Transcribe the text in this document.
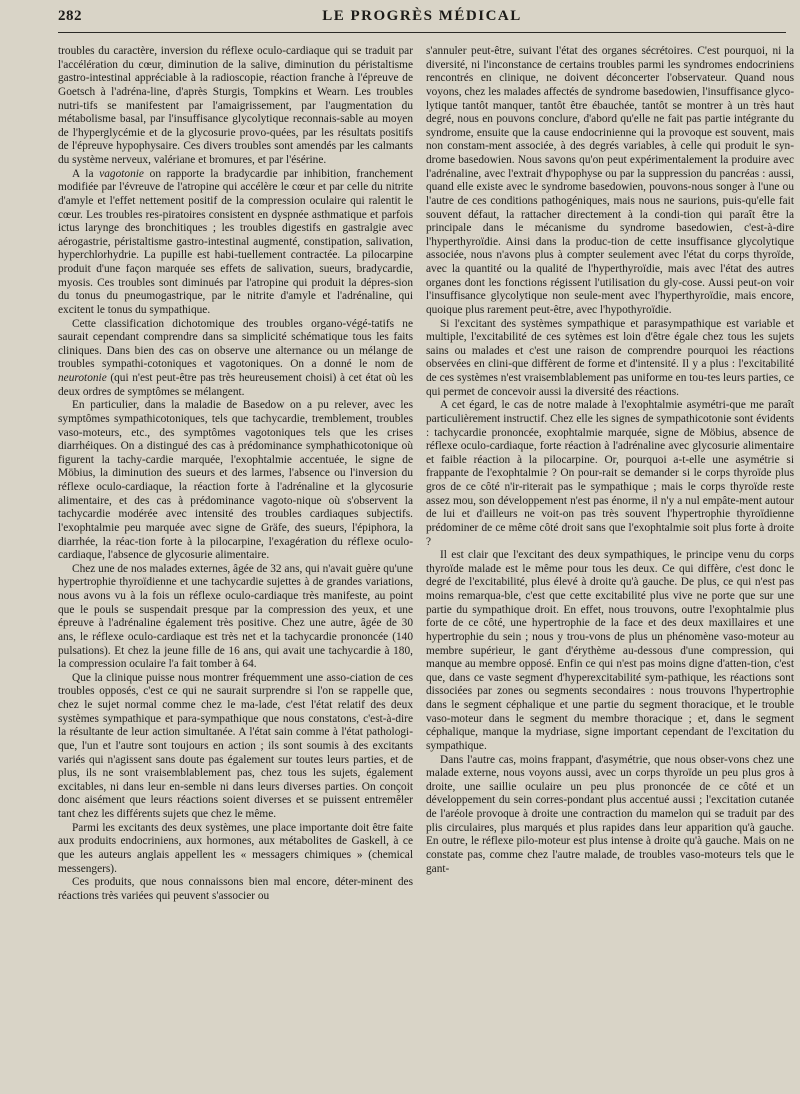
282	LE PROGRÈS MÉDICAL

troubles du caractère, inversion du réflexe oculo-cardiaque qui se traduit par l'accélération du cœur, diminution de la salive, diminution du péristaltisme gastro-intestinal appréciable à la radioscopie, réaction franche à l'épreuve de Goetsch à l'adréna-line, d'après Sturgis, Tompkins et Wearn. Les troubles nutri-tifs se manifestent par l'amaigrissement, par l'augmentation du métabolisme basal, par l'insuffisance glycolytique reconnais-sable au moyen de l'hyperglycémie et de la glycosurie provo-quées, par les résultats positifs de l'épreuve hypophysaire. Ces divers troubles sont amendés par les calmants du système nerveux, valériane et bromures, et par l'ésérine.

A la vagotonie on rapporte la bradycardie par inhibition, franchement modifiée par l'évreuve de l'atropine qui accélère le cœur et par celle du nitrite d'amyle et l'effet nettement positif de la compression oculaire qui ralentit le cœur. Les troubles res-piratoires consistent en dyspnée asthmatique et parfois ictus larynge des bronchitiques ; les troubles digestifs en gastralgie avec aérogastrie, péristaltisme gastro-intestinal augmenté, constipation, salivation, hyperchlorhydrie. La pupille est habi-tuellement contractée. La pilocarpine produit d'une façon marquée ses effets de salivation, sueurs, bradycardie, myosis. Ces troubles sont diminués par l'atropine qui produit la dépres-sion du tonus du pneumogastrique, par le nitrite d'amyle et l'adrénaline, qui excitent le tonus du sympathique.

Cette classification dichotomique des troubles organo-végé-tatifs ne saurait cependant comprendre dans sa simplicité schématique tous les faits cliniques. Dans bien des cas on observe une alternance ou un mélange de troubles sympathi-cotoniques et vagotoniques. On a donné le nom de neurotonie (qui n'est peut-être pas très heureusement choisi) à cet état où les deux ordres de symptômes se mélangent.

En particulier, dans la maladie de Basedow on a pu relever, avec les symptômes sympathicotoniques, tels que tachycardie, tremblement, troubles vaso-moteurs, etc., des symptômes vagotoniques tels que les crises diarrhéiques. On a distingué des cas à prédominance symphathicotonique où figurent la tachy-cardie marquée, l'exophtalmie accentuée, le signe de Möbius, la diminution des sueurs et des larmes, l'absence ou l'inversion du réflexe oculo-cardiaque, la réaction forte à l'adrénaline et la glycosurie alimentaire, et des cas à prédominance vagoto-nique où s'observent la tachycardie modérée avec intensité des troubles cardiaques subjectifs. l'exophtalmie peu marquée avec signe de Gräfe, des sueurs, l'épiphora, la diarrhée, la réac-tion forte à la pilocarpine, l'exagération du réflexe oculo-cardiaque, l'absence de glycosurie alimentaire.

Chez une de nos malades externes, âgée de 32 ans, qui n'avait guère qu'une hypertrophie thyroïdienne et une tachycardie sujettes à de grandes variations, nous avons vu à la fois un réflexe oculo-cardiaque très manifeste, au point que le pouls se suspendait presque par la compression des yeux, et une épreuve à l'adrénaline également très positive. Chez une autre, âgée de 30 ans, le réflexe oculo-cardiaque est très net et la tachycardie prononcée (140 pulsations). Et chez la jeune fille de 16 ans, qui avait une tachycardie à 180, la compression oculaire l'a fait tomber à 64.

Que la clinique puisse nous montrer fréquemment une asso-ciation de ces troubles opposés, c'est ce qui ne saurait surprendre si l'on se rappelle que, chez le sujet normal comme chez le ma-lade, c'est l'état relatif des deux systèmes sympathique et para-sympathique que nous constatons, c'est-à-dire la résultante de leur action simultanée. A l'état sain comme à l'état pathologi-que, l'un et l'autre sont toujours en action ; ils sont soumis à des excitants variés qui n'agissent sans doute pas également sur toutes leurs parties, et de plus, ils ne sont vraisemblablement pas, chez tous les sujets, également excitables, ni dans leur en-semble ni dans leurs diverses parties. On conçoit donc aisément que leurs réactions soient diverses et se puissent entremêler tant chez les différents sujets que chez le même.

Parmi les excitants des deux systèmes, une place importante doit être faite aux produits endocriniens, aux hormones, aux métabolites de Gaskell, à ce que les auteurs anglais appellent les « messagers chimiques » (chemical messengers).

Ces produits, que nous connaissons bien mal encore, déter-minent des réactions très variées qui peuvent s'associer ou

s'annuler peut-être, suivant l'état des organes sécrétoires. C'est pourquoi, ni la diversité, ni l'inconstance de certains troubles parmi les syndromes endocriniens rencontrés en clinique, ne doivent déconcerter l'observateur. Quand nous voyons, chez les malades affectés de syndrome basedowien, l'insuffisance glyco-lytique tantôt manquer, tantôt être ébauchée, tantôt se montrer à un très haut degré, nous en pouvons conclure, d'abord qu'elle ne fait pas partie intégrante du syndrome, ensuite que la cause endocrinienne qui la provoque est souvent, mais non constam-ment associée, à des degrés variables, à celle qui produit le syn-drome basedowien. Nous savons qu'on peut expérimentalement la produire avec l'adrénaline, avec l'extrait d'hypophyse ou par la suppression du pancréas : aussi, quand elle existe avec le syndrome basedowien, pouvons-nous songer à l'une ou l'autre de ces conditions pathogéniques, mais nous ne saurions, puis-qu'elle fait souvent défaut, la rattacher directement à la condi-tion qui paraît être la principale dans le mécanisme du syndrome basedowien, c'est-à-dire l'hyperthyroïdie. Ainsi dans la produc-tion de cette insuffisance glycolytique associée, nous n'avons plus à compter seulement avec l'état du corps thyroïde, avec la quantité ou la qualité de l'hyperthyroïdie, mais avec l'état des autres organes dont les fonctions régissent l'utilisation du gly-cose. Aussi peut-on voir l'insuffisance glycolytique non seule-ment avec l'hyperthyroïdie, mais encore, quoique plus rarement peut-être, avec l'hypothyroïdie.

Si l'excitant des systèmes sympathique et parasympathique est variable et multiple, l'excitabilité de ces sytèmes est loin d'être égale chez tous les sujets sains ou malades et c'est une raison de comprendre pourquoi les réactions observées en clini-que diffèrent de forme et d'intensité. Il y a plus : l'excitabilité de ces systèmes n'est vraisemblablement pas uniforme en tou-tes leurs parties, ce qui permet de concevoir aussi la diversité des réactions.

A cet égard, le cas de notre malade à l'exophtalmie asymétri-que me paraît particulièrement instructif. Chez elle les signes de sympathicotonie sont évidents : tachycardie prononcée, exophtalmie marquée, signe de Möbius, absence de réflexe oculo-cardiaque, forte réaction à l'adrénaline avec glycosurie alimentaire et faible réaction à la pilocarpine. Or, pourquoi a-t-elle une asymétrie si frappante de l'exophtalmie ? On pour-rait se demander si le corps thyroïde plus gros de ce côté n'ir-riterait pas le sympathique ; mais le corps thyroïde reste assez mou, son développement n'est pas énorme, il n'y a nul empâte-ment autour de lui et d'ailleurs ne voit-on pas très souvent l'hypertrophie thyroïdienne prédominer de ce même côté droit sans que l'exophtalmie soit plus forte à droite ?

Il est clair que l'excitant des deux sympathiques, le principe venu du corps thyroïde malade est le même pour tous les deux. Ce qui diffère, c'est donc le degré de l'excitabilité, plus élevé à droite qu'à gauche. De plus, ce qui n'est pas moins remarqua-ble, c'est que cette excitabilité plus vive ne porte que sur une partie du sympathique droit. En effet, nous trouvons, outre l'exophtalmie plus forte de ce côté, une hypertrophie de la face et des deux maxillaires et une hypertrophie du sein ; nous y trou-vons de plus un phénomène vaso-moteur au membre supérieur, le gant d'érythème au-dessous d'une compression, qui manque au membre opposé. Enfin ce qui n'est pas moins digne d'atten-tion, c'est que, dans ce vaste segment d'hyperexcitabilité sym-pathique, les réactions sont dissociées par zones ou segments secondaires : nous trouvons l'hypertrophie dans le segment céphalique et une partie du segment thoracique, et le trouble vaso-moteur dans le segment du membre thoracique ; et, dans le segment céphalique, manque la mydriase, signe important cependant de l'excitation du sympathique.

Dans l'autre cas, moins frappant, d'asymétrie, que nous obser-vons chez une malade externe, nous voyons aussi, avec un corps thyroïde un peu plus gros à droite, une saillie oculaire un peu plus prononcée de ce côté et un développement du sein corres-pondant plus accentué aussi ; l'excitation cutanée de l'aréole provoque à droite une contraction du mamelon qui se traduit par des plis circulaires, plus marqués et plus rapides dans leur apparition qu'à gauche. En outre, le réflexe pilo-moteur est plus intense à droite qu'à gauche. Mais on ne constate pas, comme chez l'autre malade, de troubles vaso-moteurs tels que le gant-
